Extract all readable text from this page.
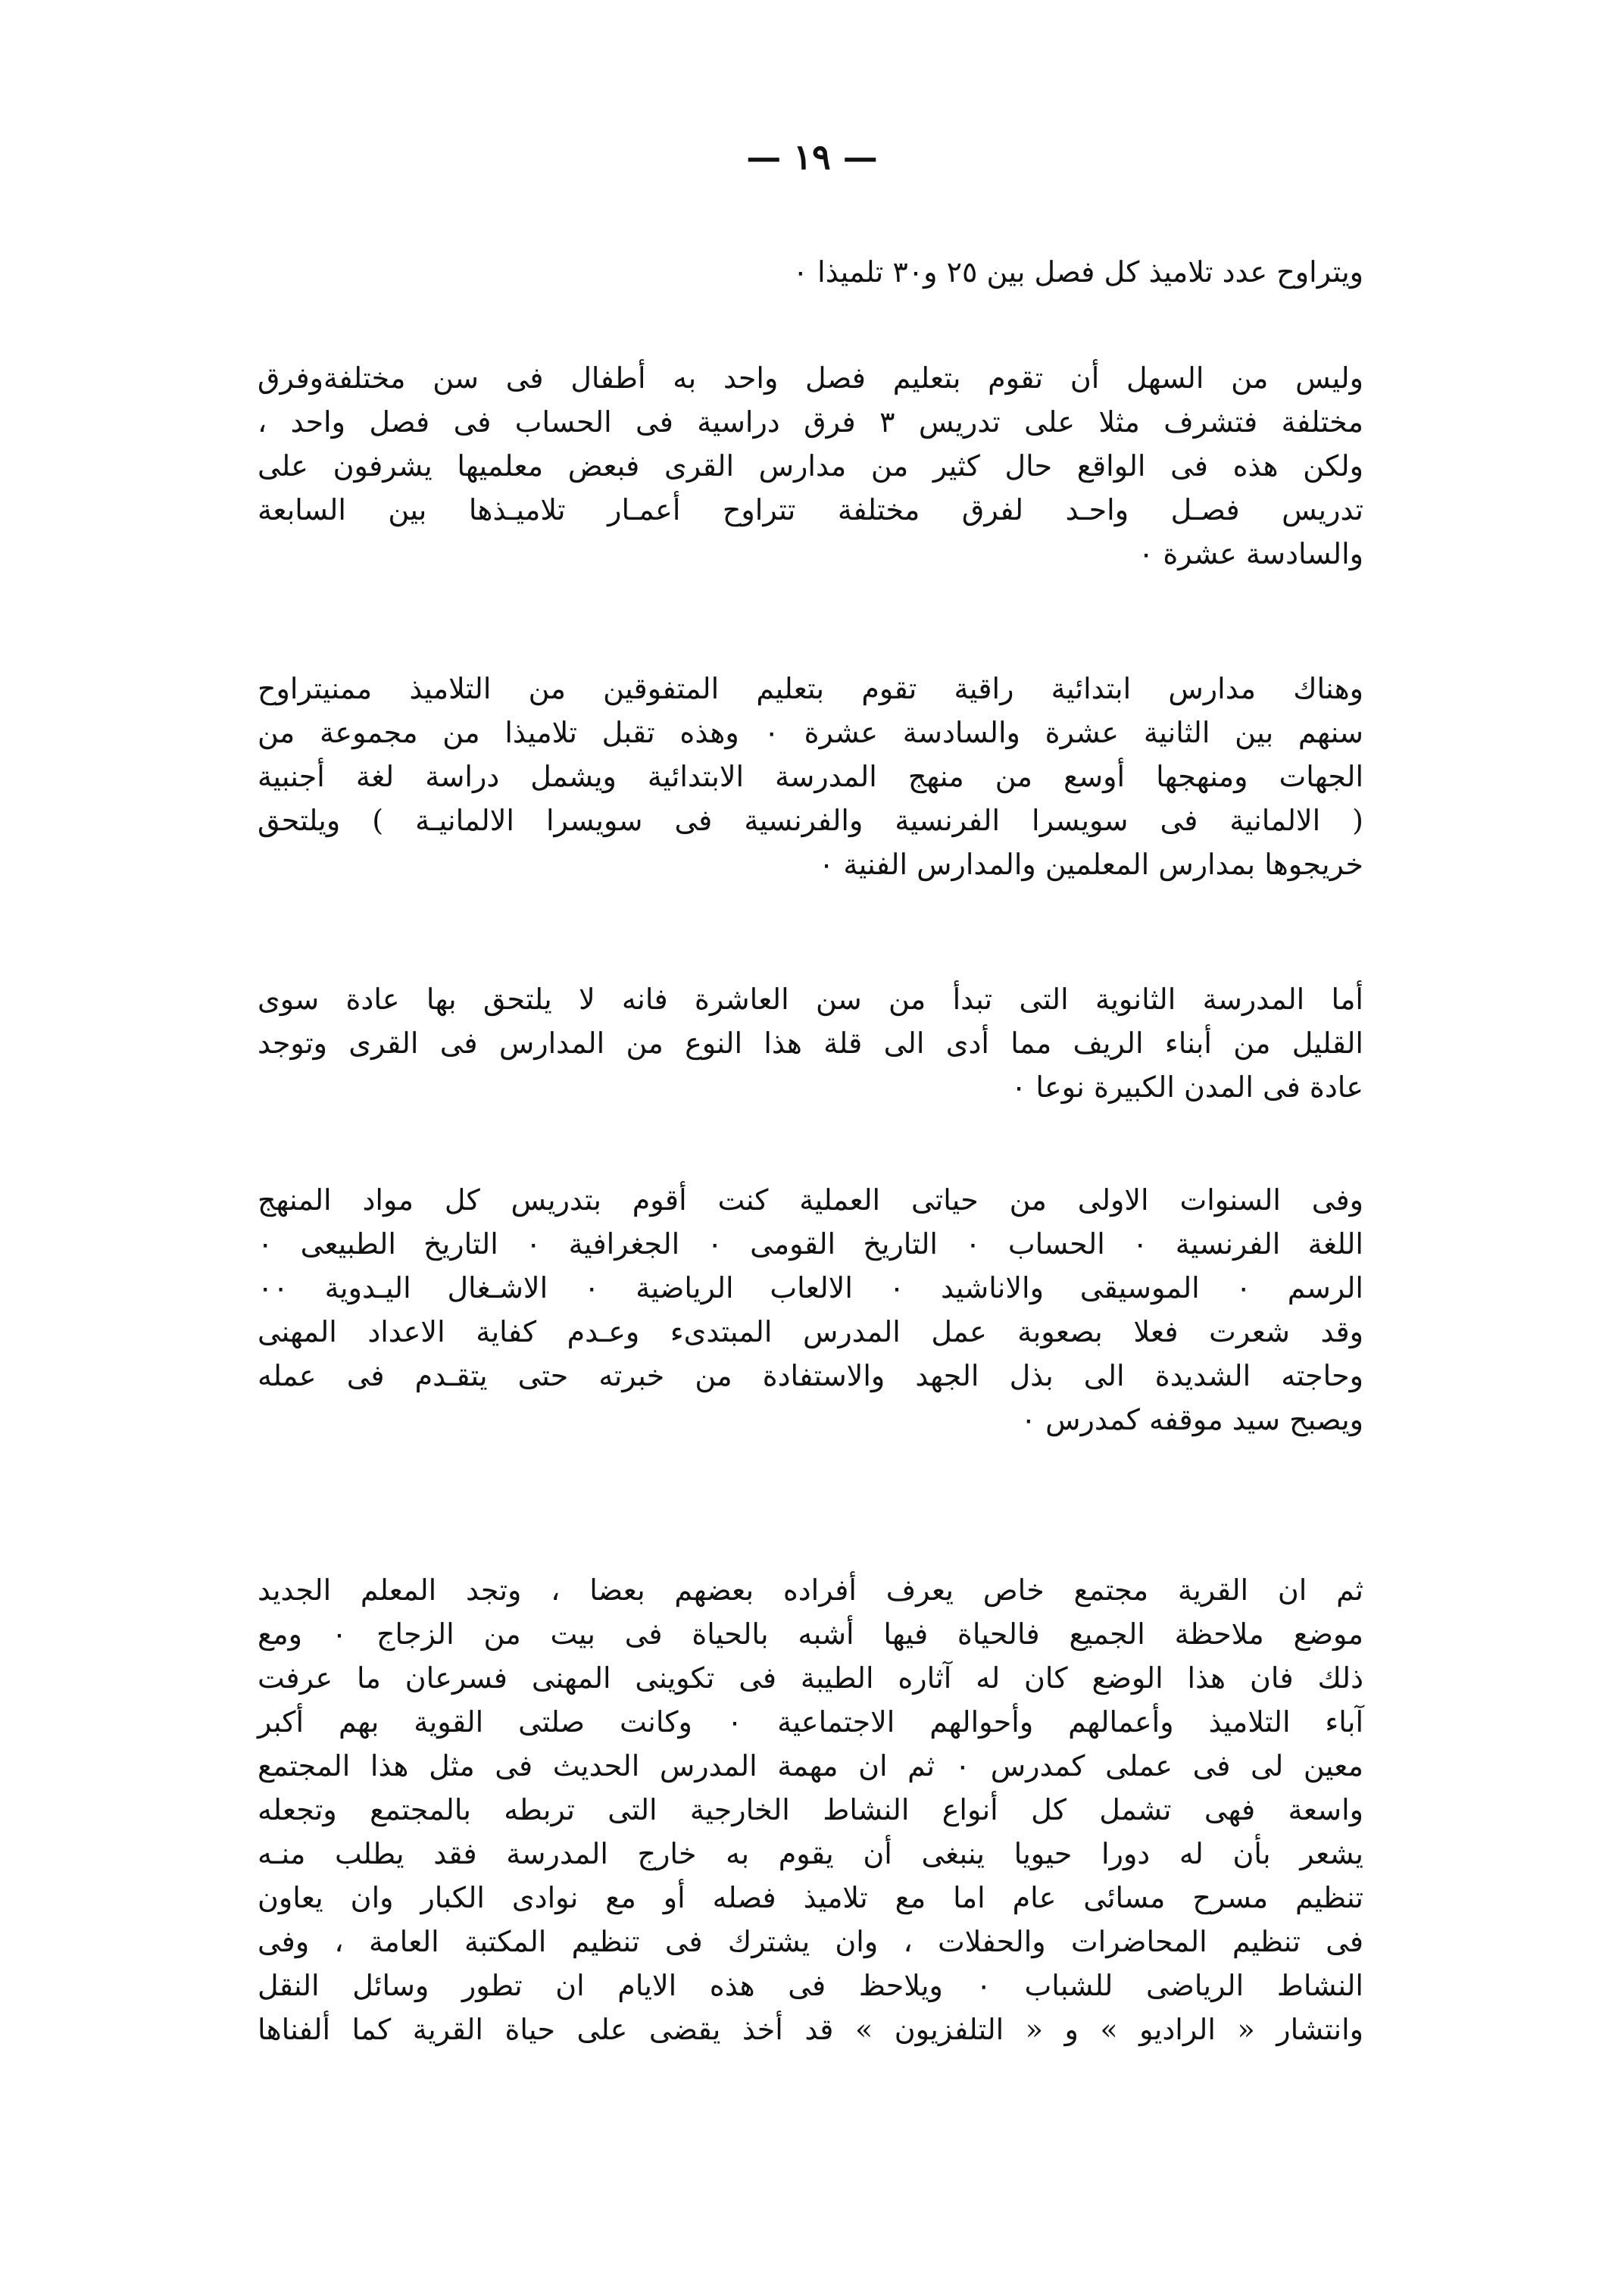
— ١٩ —
ويتراوح عدد تلاميذ كل فصل بين ٢٥ و٣٠ تلميذا ٠
وليس من السهل أن تقوم بتعليم فصل واحد به أطفال فى سن مختلفةوفرق
مختلفة فتشرف مثلا على تدريس ٣ فرق دراسية فى الحساب فى فصل واحد ،
ولكن هذه فى الواقع حال كثير من مدارس القرى فبعض معلميها يشرفون على
تدريس فصـل واحـد لفرق مختلفة تتراوح أعمـار تلاميـذها بين السابعة
والسادسة عشرة ٠
وهناك مدارس ابتدائية راقية تقوم بتعليم المتفوقين من التلاميذ ممنيتراوح
سنهم بين الثانية عشرة والسادسة عشرة ٠ وهذه تقبل تلاميذا من مجموعة من
الجهات ومنهجها أوسع من منهج المدرسة الابتدائية ويشمل دراسة لغة أجنبية
( الالمانية فى سويسرا الفرنسية والفرنسية فى سويسرا الالمانيـة ) ويلتحق
خريجوها بمدارس المعلمين والمدارس الفنية ٠
أما المدرسة الثانوية التى تبدأ من سن العاشرة فانه لا يلتحق بها عادة سوى
القليل من أبناء الريف مما أدى الى قلة هذا النوع من المدارس فى القرى وتوجد
عادة فى المدن الكبيرة نوعا ٠
وفى السنوات الاولى من حياتى العملية كنت أقوم بتدريس كل مواد المنهج
اللغة الفرنسية ٠ الحساب ٠ التاريخ القومى ٠ الجغرافية ٠ التاريخ الطبيعى ٠
الرسم ٠ الموسيقى والاناشيد ٠ الالعاب الرياضية ٠ الاشـغال اليـدوية ٠٠
وقد شعرت فعلا بصعوبة عمل المدرس المبتدىء وعـدم كفاية الاعداد المهنى
وحاجته الشديدة الى بذل الجهد والاستفادة من خبرته حتى يتقـدم فى عمله
ويصبح سيد موقفه كمدرس ٠
ثم ان القرية مجتمع خاص يعرف أفراده بعضهم بعضا ، وتجد المعلم الجديد
موضع ملاحظة الجميع فالحياة فيها أشبه بالحياة فى بيت من الزجاج ٠ ومع
ذلك فان هذا الوضع كان له آثاره الطيبة فى تكوينى المهنى فسرعان ما عرفت
آباء التلاميذ وأعمالهم وأحوالهم الاجتماعية ٠ وكانت صلتى القوية بهم أكبر
معين لى فى عملى كمدرس ٠ ثم ان مهمة المدرس الحديث فى مثل هذا المجتمع
واسعة فهى تشمل كل أنواع النشاط الخارجية التى تربطه بالمجتمع وتجعله
يشعر بأن له دورا حيويا ينبغى أن يقوم به خارج المدرسة فقد يطلب منـه
تنظيم مسرح مسائى عام اما مع تلاميذ فصله أو مع نوادى الكبار وان يعاون
فى تنظيم المحاضرات والحفلات ، وان يشترك فى تنظيم المكتبة العامة ، وفى
النشاط الرياضى للشباب ٠ ويلاحظ فى هذه الايام ان تطور وسائل النقل
وانتشار « الراديو » و « التلفزيون » قد أخذ يقضى على حياة القرية كما ألفناها
